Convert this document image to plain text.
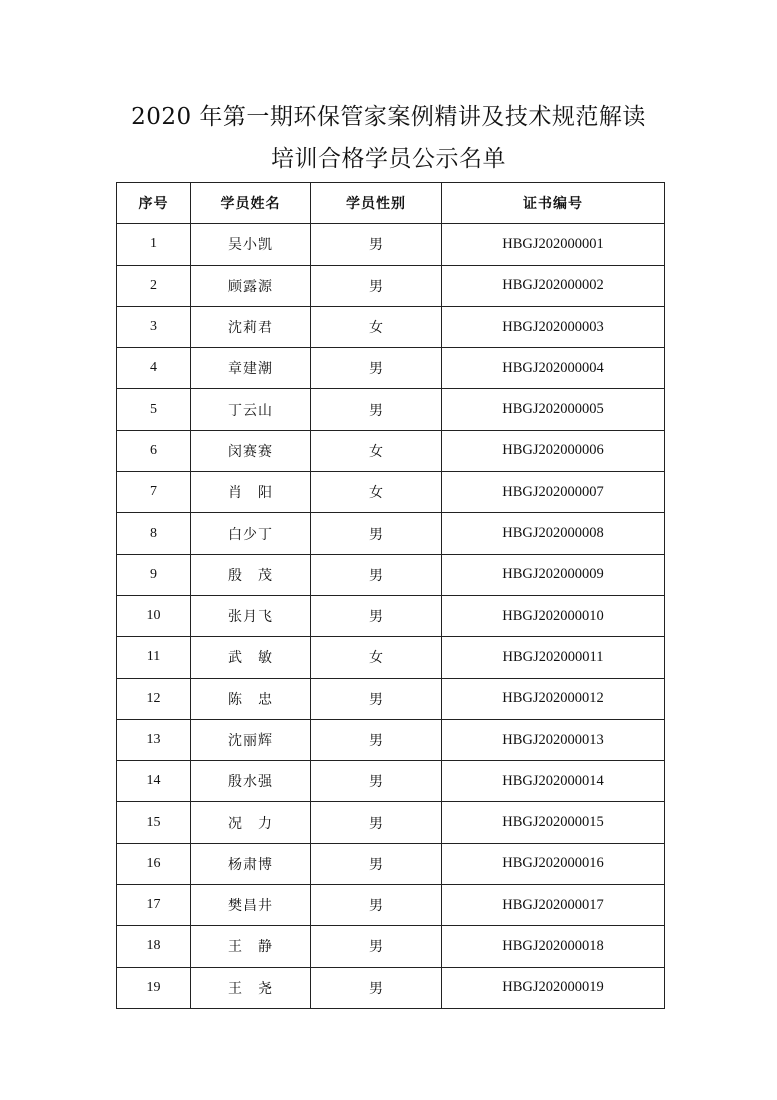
2020 年第一期环保管家案例精讲及技术规范解读
培训合格学员公示名单
序号	学员姓名	学员性别	证书编号
1	吴小凯	男	HBGJ202000001
2	顾露源	男	HBGJ202000002
3	沈莉君	女	HBGJ202000003
4	章建潮	男	HBGJ202000004
5	丁云山	男	HBGJ202000005
6	闵赛赛	女	HBGJ202000006
7	肖　阳	女	HBGJ202000007
8	白少丁	男	HBGJ202000008
9	殷　茂	男	HBGJ202000009
10	张月飞	男	HBGJ202000010
11	武　敏	女	HBGJ202000011
12	陈　忠	男	HBGJ202000012
13	沈丽辉	男	HBGJ202000013
14	殷水强	男	HBGJ202000014
15	况　力	男	HBGJ202000015
16	杨肃博	男	HBGJ202000016
17	樊昌井	男	HBGJ202000017
18	王　静	男	HBGJ202000018
19	王　尧	男	HBGJ202000019
